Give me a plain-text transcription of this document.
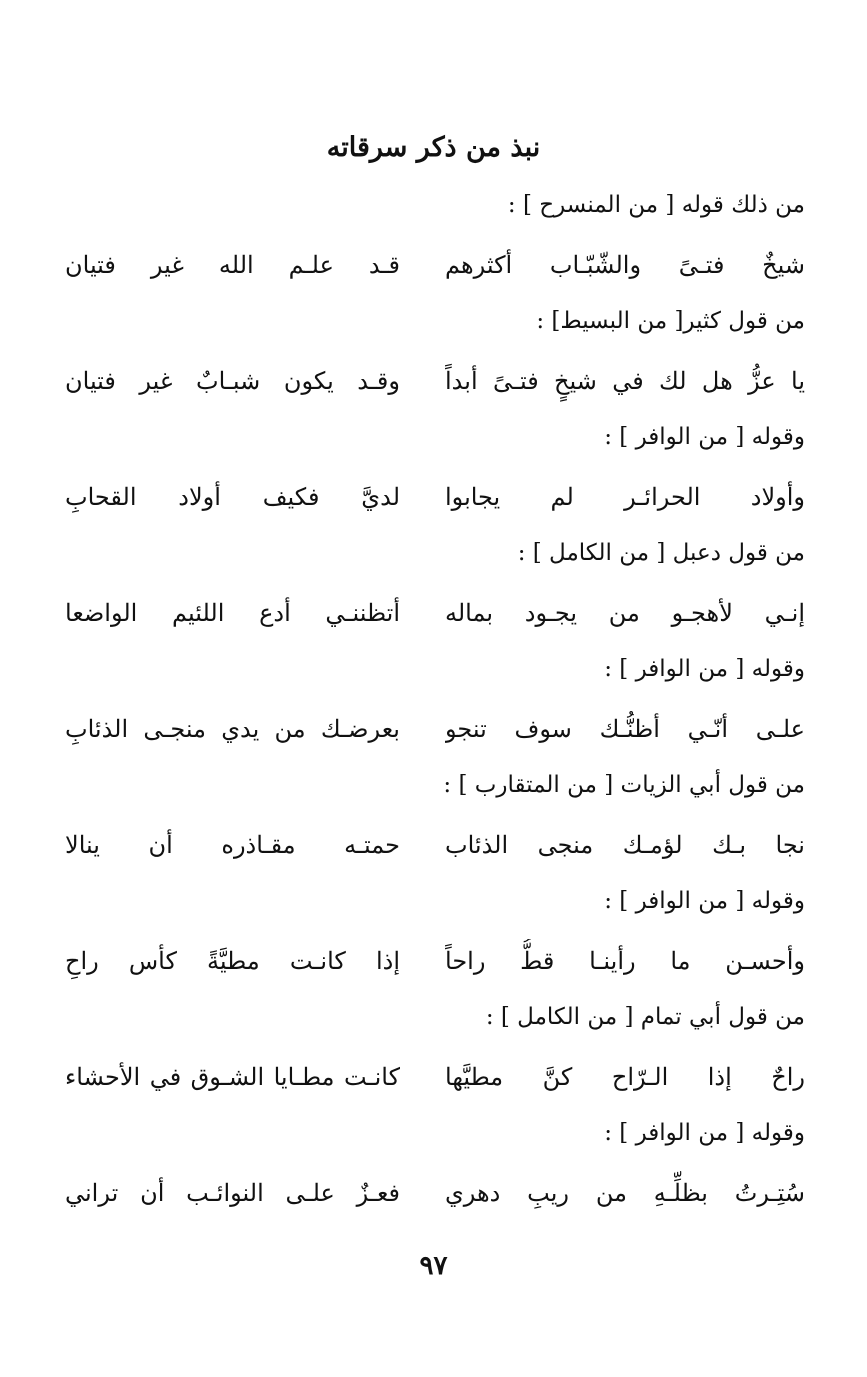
نبذ من ذكر سرقاته
من ذلك قوله [ من المنسرح ] :
شيخٌ فتـىً والشّبّـاب أكثرهم
قـد علـم الله غير فتيان
من قول كثير[ من البسيط] :
يا عزُّ هل لك في شيخٍ فتـىً أبداً
وقـد يكون شبـابٌ غير فتيان
وقوله [ من الوافر ] :
وأولاد الحرائـر لم يجابوا
لديَّ فكيف أولاد القحابِ
من قول دعبل [ من الكامل ] :
إنـي لأهجـو من يجـود بماله
أتظننـي أدع اللئيم الواضعا
وقوله [ من الوافر ] :
علـى أنّـي أظنُّـك سوف تنجو
بعرضـك من يدي منجـى الذئابِ
من قول أبي الزيات [ من المتقارب ] :
نجا بـك لؤمـك منجى الذئاب
حمتـه مقـاذره أن ينالا
وقوله [ من الوافر ] :
وأحسـن ما رأينـا قطُّ راحاً
إذا كانـت مطيَّةً كأس راحِ
من قول أبي تمام [ من الكامل ] :
راحٌ إذا الـرّاح كنَّ مطيَّها
كانـت مطـايا الشـوق في الأحشاء
وقوله [ من الوافر ] :
سُتِـرتُ بظلِّـهِ من ريبِ دهري
فعـزٌ علـى النوائـب أن تراني
٩٧
